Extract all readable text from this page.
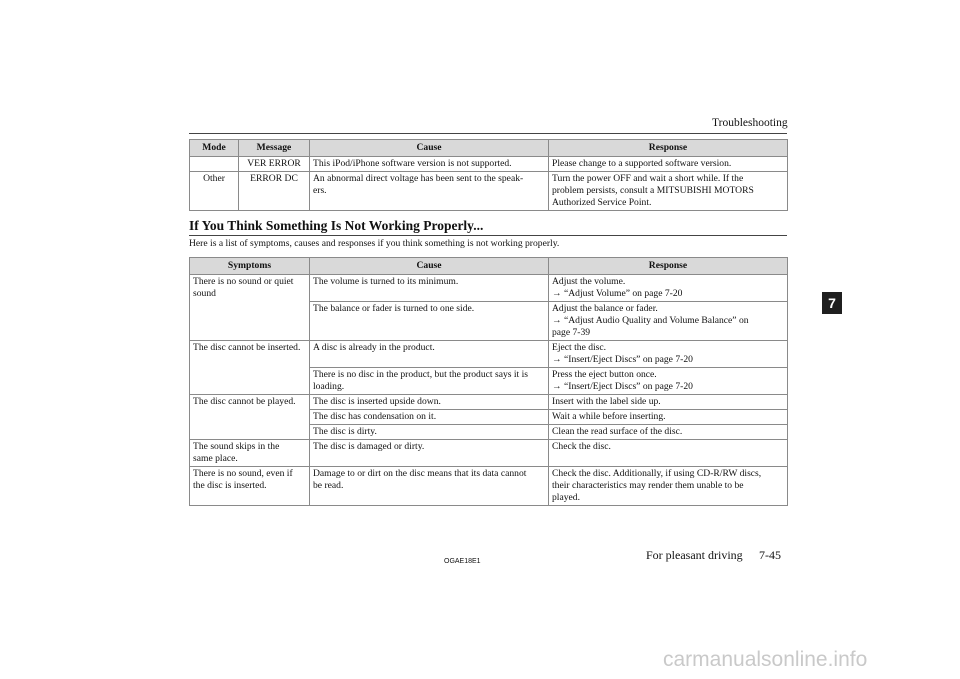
Troubleshooting
7
Mode	Message	Cause	Response
	VER ERROR	This iPod/iPhone software version is not supported.	Please change to a supported software version.
Other	ERROR DC	An abnormal direct voltage has been sent to the speak-
ers.	Turn the power OFF and wait a short while. If the
problem persists, consult a MITSUBISHI MOTORS
Authorized Service Point.
If You Think Something Is Not Working Properly...
Here is a list of symptoms, causes and responses if you think something is not working properly.
Symptoms	Cause	Response
There is no sound or quiet
sound	The volume is turned to its minimum.	Adjust the volume.
→ “Adjust Volume” on page 7-20
	The balance or fader is turned to one side.	Adjust the balance or fader.
→ “Adjust Audio Quality and Volume Balance” on
page 7-39
The disc cannot be inserted.	A disc is already in the product.	Eject the disc.
→ “Insert/Eject Discs” on page 7-20
	There is no disc in the product, but the product says it is
loading.	Press the eject button once.
→ “Insert/Eject Discs” on page 7-20
The disc cannot be played.	The disc is inserted upside down.	Insert with the label side up.
	The disc has condensation on it.	Wait a while before inserting.
	The disc is dirty.	Clean the read surface of the disc.
The sound skips in the
same place.	The disc is damaged or dirty.	Check the disc.
There is no sound, even if
the disc is inserted.	Damage to or dirt on the disc means that its data cannot
be read.	Check the disc. Additionally, if using CD-R/RW discs,
their characteristics may render them unable to be
played.
OGAE18E1	For pleasant driving 7-45
carmanualsonline.info
